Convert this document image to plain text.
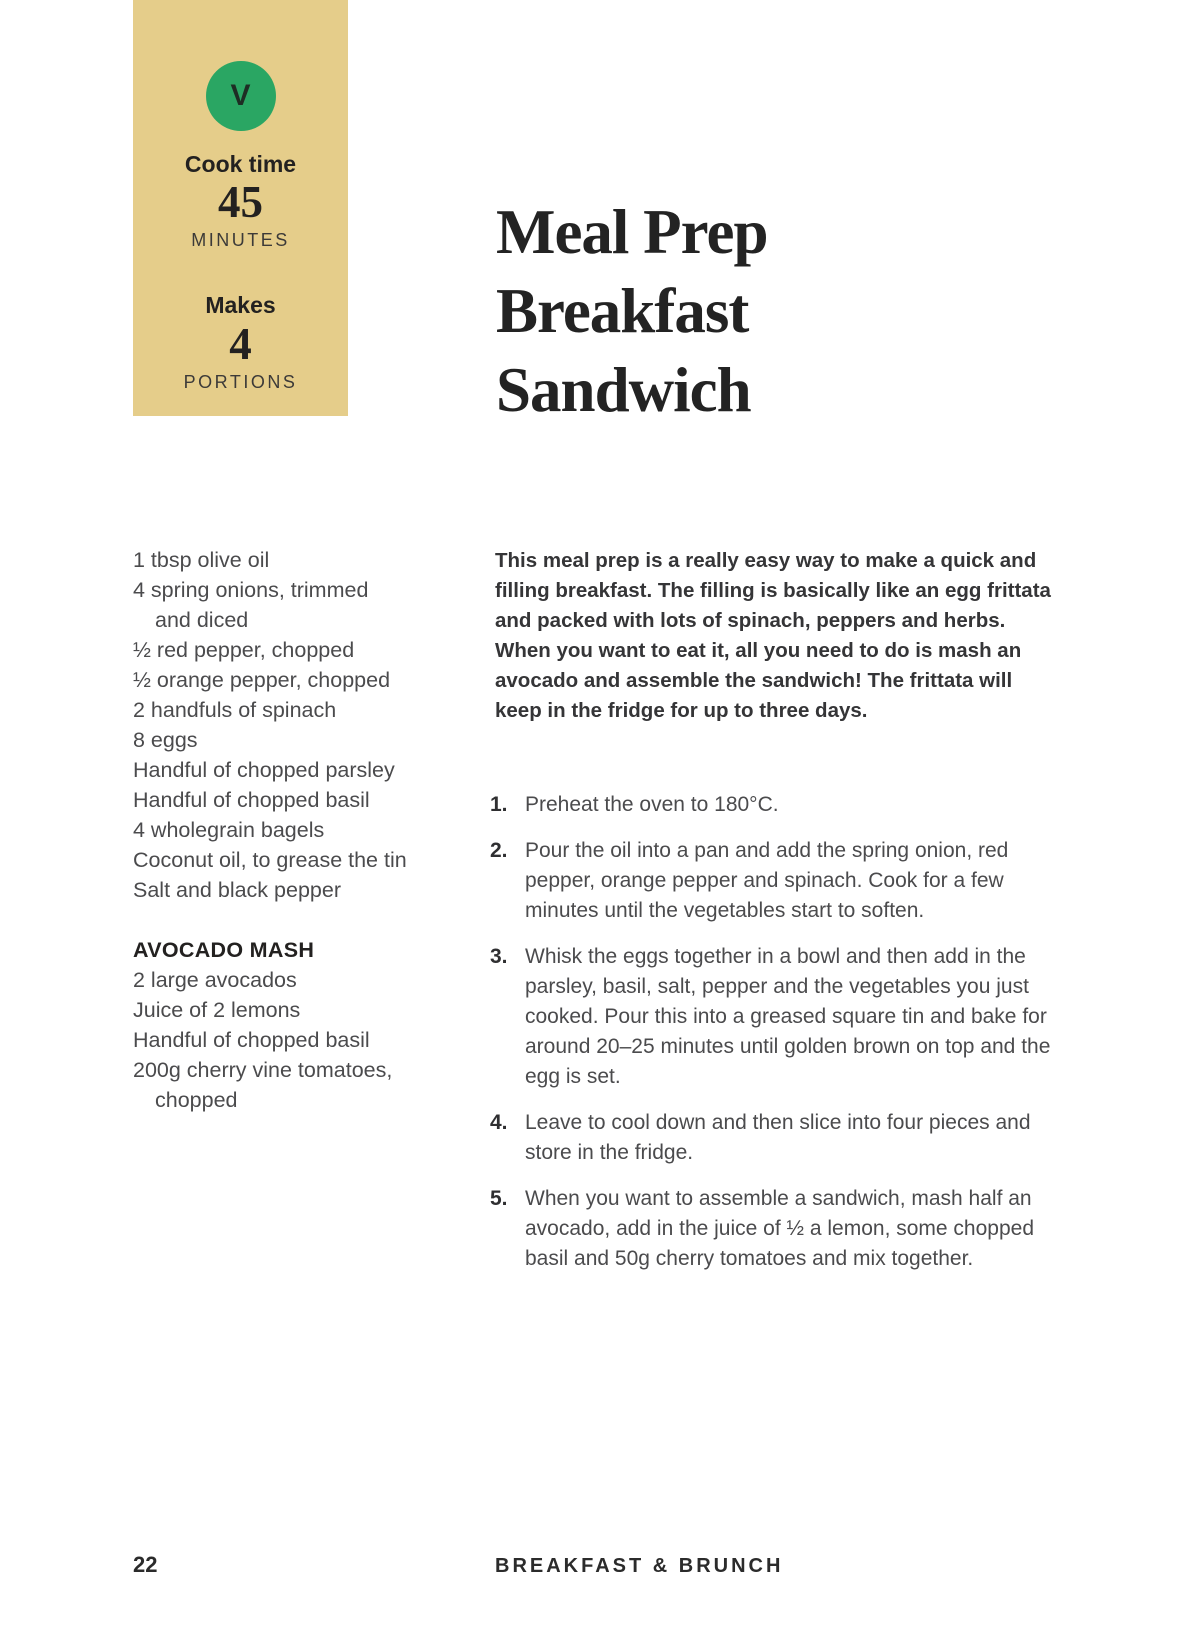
V
Cook time
45
MINUTES
Makes
4
PORTIONS
Meal Prep
Breakfast
Sandwich
1 tbsp olive oil
4 spring onions, trimmed
and diced
½ red pepper, chopped
½ orange pepper, chopped
2 handfuls of spinach
8 eggs
Handful of chopped parsley
Handful of chopped basil
4 wholegrain bagels
Coconut oil, to grease the tin
Salt and black pepper
AVOCADO MASH
2 large avocados
Juice of 2 lemons
Handful of chopped basil
200g cherry vine tomatoes,
chopped

This meal prep is a really easy way to make a quick and filling breakfast. The filling is basically like an egg frittata and packed with lots of spinach, peppers and herbs. When you want to eat it, all you need to do is mash an avocado and assemble the sandwich! The frittata will keep in the fridge for up to three days.

1. Preheat the oven to 180°C.
2. Pour the oil into a pan and add the spring onion, red pepper, orange pepper and spinach. Cook for a few minutes until the vegetables start to soften.
3. Whisk the eggs together in a bowl and then add in the parsley, basil, salt, pepper and the vegetables you just cooked. Pour this into a greased square tin and bake for around 20–25 minutes until golden brown on top and the egg is set.
4. Leave to cool down and then slice into four pieces and store in the fridge.
5. When you want to assemble a sandwich, mash half an avocado, add in the juice of ½ a lemon, some chopped basil and 50g cherry tomatoes and mix together.
22	BREAKFAST & BRUNCH
